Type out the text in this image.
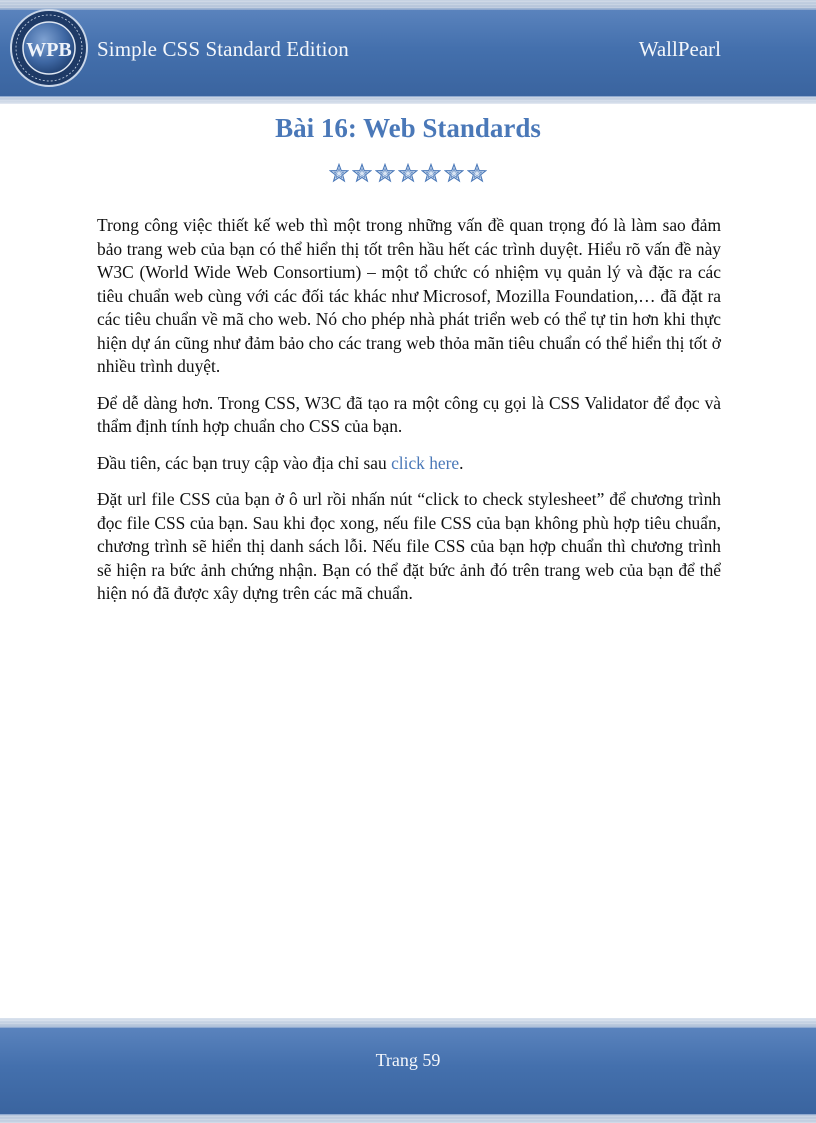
WPB Simple CSS Standard Edition	WallPearl
Bài 16: Web Standards

Trong công việc thiết kế web thì một trong những vấn đề quan trọng đó là làm sao đảm bảo trang web của bạn có thể hiển thị tốt trên hầu hết các trình duyệt. Hiểu rõ vấn đề này W3C (World Wide Web Consortium) – một tổ chức có nhiệm vụ quản lý và đặc ra các tiêu chuẩn web cùng với các đối tác khác như Microsof, Mozilla Foundation,… đã đặt ra các tiêu chuẩn về mã cho web. Nó cho phép nhà phát triển web có thể tự tin hơn khi thực hiện dự án cũng như đảm bảo cho các trang web thỏa mãn tiêu chuẩn có thể hiển thị tốt ở nhiều trình duyệt.

Để dễ dàng hơn. Trong CSS, W3C đã tạo ra một công cụ gọi là CSS Validator để đọc và thẩm định tính hợp chuẩn cho CSS của bạn.

Đầu tiên, các bạn truy cập vào địa chỉ sau click here.

Đặt url file CSS của bạn ở ô url rồi nhấn nút “click to check stylesheet” để chương trình đọc file CSS của bạn. Sau khi đọc xong, nếu file CSS của bạn không phù hợp tiêu chuẩn, chương trình sẽ hiển thị danh sách lỗi. Nếu file CSS của bạn hợp chuẩn thì chương trình sẽ hiện ra bức ảnh chứng nhận. Bạn có thể đặt bức ảnh đó trên trang web của bạn để thể hiện nó đã được xây dựng trên các mã chuẩn.

Trang 59
